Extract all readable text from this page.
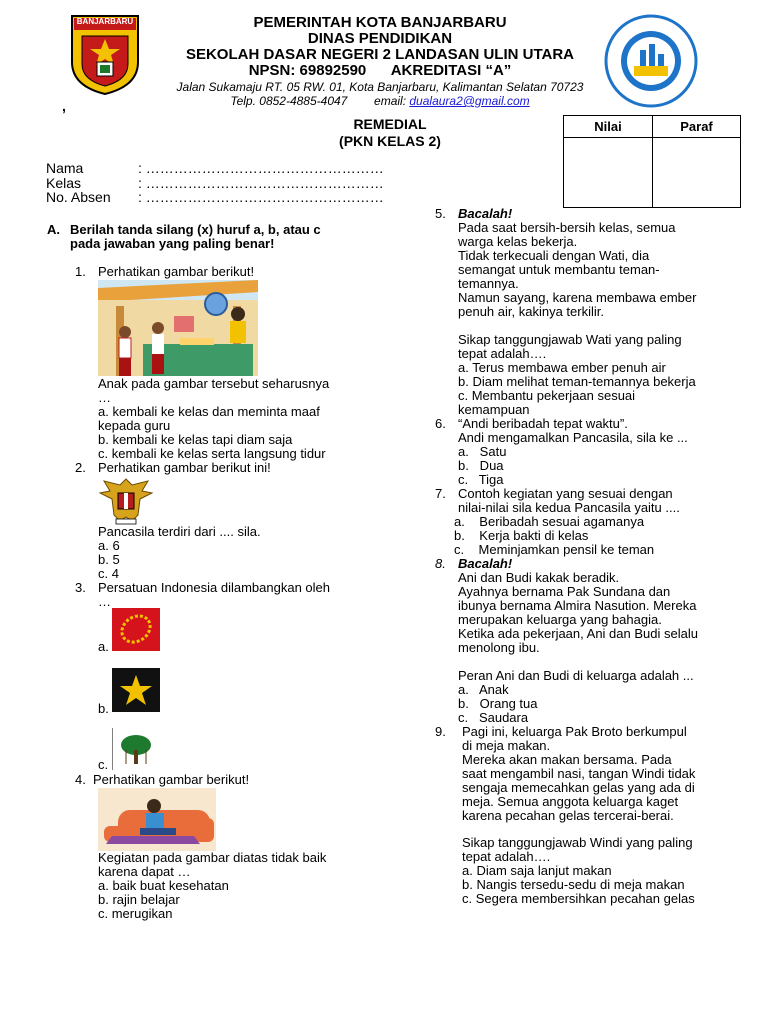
BANJARBARU	PEMERINTAH KOTA BANJARBARU
DINAS PENDIDIKAN
SEKOLAH DASAR NEGERI 2 LANDASAN ULIN UTARA
NPSN: 69892590      AKREDITASI “A”
Jalan Sukamaju RT. 05 RW. 01, Kota Banjarbaru, Kalimantan Selatan 70723
Telp. 0852-4885-4047        email: dualaura2@gmail.com
,
REMEDIAL
(PKN KELAS 2)
Nilai	Paraf

Nama	: ……………………………………………
Kelas	: ……………………………………………
No. Absen : ……………………………………………
A. Berilah tanda silang (x) huruf a, b, atau c
pada jawaban yang paling benar!
1. Perhatikan gambar berikut!
Anak pada gambar tersebut seharusnya
…
a. kembali ke kelas dan meminta maaf
kepada guru
b. kembali ke kelas tapi diam saja
c. kembali ke kelas serta langsung tidur
2. Perhatikan gambar berikut ini!
Pancasila terdiri dari .... sila.
a. 6
b. 5
c. 4
3. Persatuan Indonesia dilambangkan oleh
…
a.
b.
c.
4. Perhatikan gambar berikut!
Kegiatan pada gambar diatas tidak baik
karena dapat …
a. baik buat kesehatan
b. rajin belajar
c. merugikan
5. Bacalah!
Pada saat bersih-bersih kelas, semua
warga kelas bekerja.
Tidak terkecuali dengan Wati, dia
semangat untuk membantu teman-
temannya.
Namun sayang, karena membawa ember
penuh air, kakinya terkilir.
Sikap tanggungjawab Wati yang paling
tepat adalah….
a. Terus membawa ember penuh air
b. Diam melihat teman-temannya bekerja
c. Membantu pekerjaan sesuai
kemampuan
6. “Andi beribadah tepat waktu”.
Andi mengamalkan Pancasila, sila ke ...
a.   Satu
b.   Dua
c.   Tiga
7. Contoh kegiatan yang sesuai dengan
nilai-nilai sila kedua Pancasila yaitu ....
a.    Beribadah sesuai agamanya
b.    Kerja bakti di kelas
c.    Meminjamkan pensil ke teman
8. Bacalah!
Ani dan Budi kakak beradik.
Ayahnya bernama Pak Sundana dan
ibunya bernama Almira Nasution. Mereka
merupakan keluarga yang bahagia.
Ketika ada pekerjaan, Ani dan Budi selalu
menolong ibu.
Peran Ani dan Budi di keluarga adalah ...
a.   Anak
b.   Orang tua
c.   Saudara
9. Pagi ini, keluarga Pak Broto berkumpul
di meja makan.
Mereka akan makan bersama. Pada
saat mengambil nasi, tangan Windi tidak
sengaja memecahkan gelas yang ada di
meja. Semua anggota keluarga kaget
karena pecahan gelas tercerai-berai.
Sikap tanggungjawab Windi yang paling
tepat adalah….
a. Diam saja lanjut makan
b. Nangis tersedu-sedu di meja makan
c. Segera membersihkan pecahan gelas
